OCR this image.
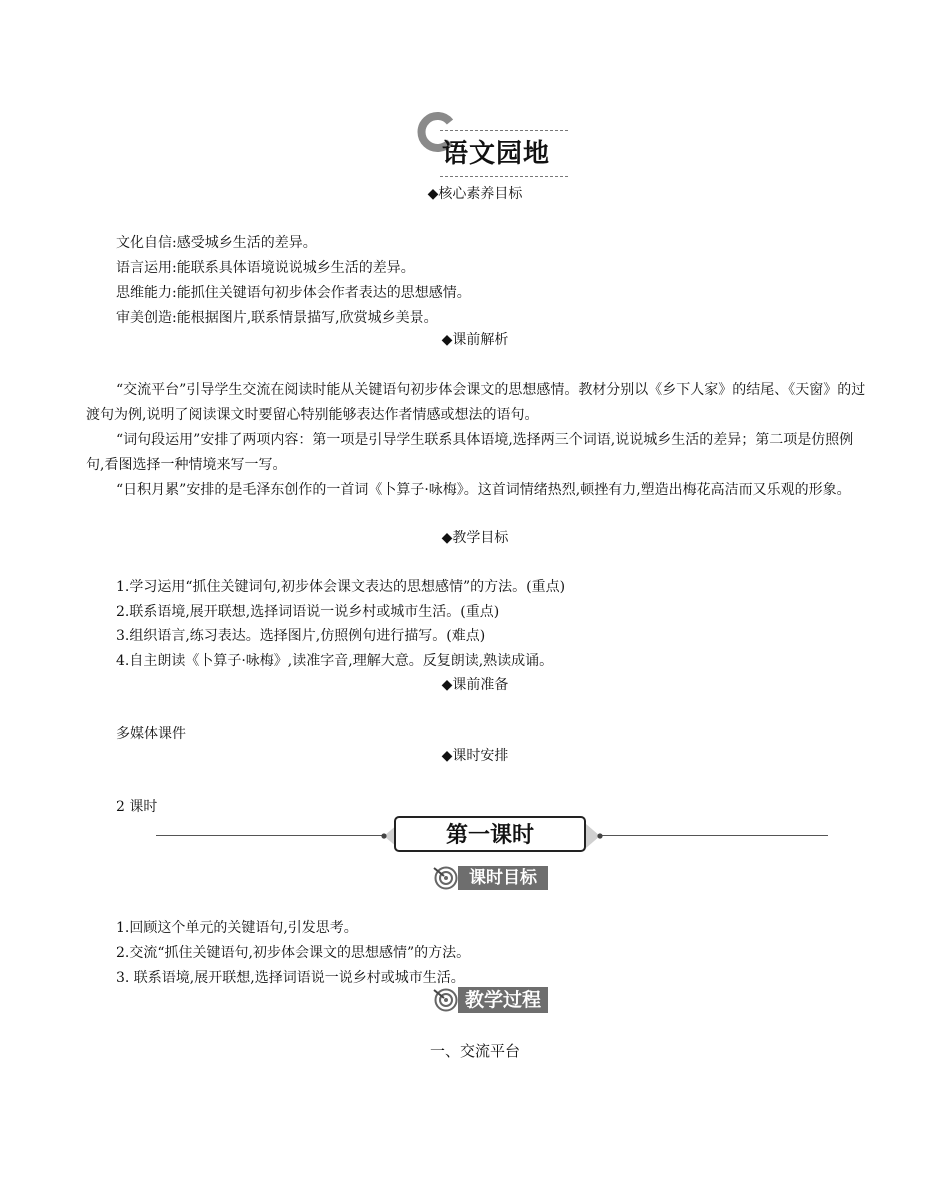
语文园地
◆核心素养目标
文化自信:感受城乡生活的差异。
语言运用:能联系具体语境说说城乡生活的差异。
思维能力:能抓住关键语句初步体会作者表达的思想感情。
审美创造:能根据图片,联系情景描写,欣赏城乡美景。
◆课前解析
“交流平台”引导学生交流在阅读时能从关键语句初步体会课文的思想感情。教材分别以《乡下人家》的结尾、《天窗》的过渡句为例,说明了阅读课文时要留心特别能够表达作者情感或想法的语句。
“词句段运用”安排了两项内容：第一项是引导学生联系具体语境,选择两三个词语,说说城乡生活的差异；第二项是仿照例句,看图选择一种情境来写一写。
“日积月累”安排的是毛泽东创作的一首词《卜算子·咏梅》。这首词情绪热烈,顿挫有力,塑造出梅花高洁而又乐观的形象。
◆教学目标
1.学习运用“抓住关键词句,初步体会课文表达的思想感情”的方法。(重点)
2.联系语境,展开联想,选择词语说一说乡村或城市生活。(重点)
3.组织语言,练习表达。选择图片,仿照例句进行描写。(难点)
4.自主朗读《卜算子·咏梅》,读准字音,理解大意。反复朗读,熟读成诵。
◆课前准备
多媒体课件
◆课时安排
2 课时
第一课时
课时目标
1.回顾这个单元的关键语句,引发思考。
2.交流“抓住关键语句,初步体会课文的思想感情”的方法。
3. 联系语境,展开联想,选择词语说一说乡村或城市生活。
教学过程
一、交流平台
